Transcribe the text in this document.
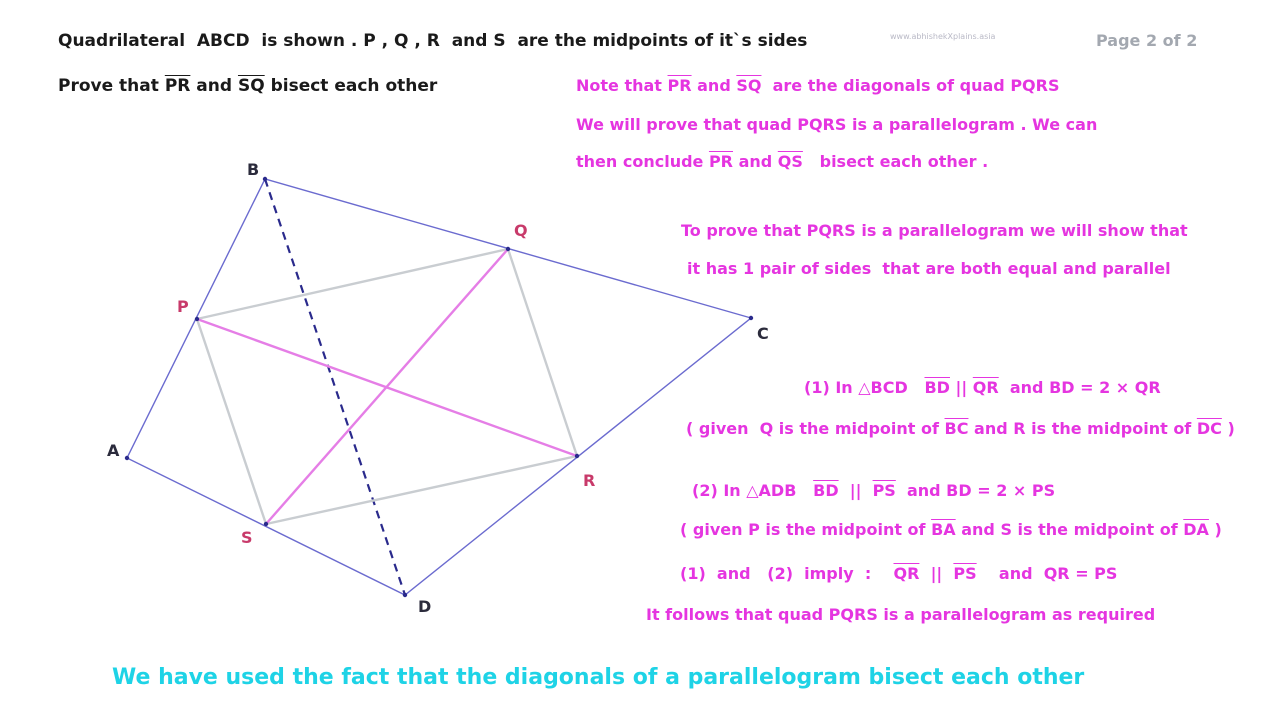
Quadrilateral  ABCD  is shown . P , Q , R  and S  are the midpoints of it`s sides	www.abhishekXplains.asia	Page 2 of 2
Prove that $\overline{PR}$ and $\overline{SQ}$ bisect each other	Note that $\overline{PR}$ and $\overline{SQ}$  are the diagonals of quad PQRS
We will prove that quad PQRS is a parallelogram . We can
then conclude $\overline{PR}$ and $\overline{QS}$   bisect each other .
To prove that PQRS is a parallelogram we will show that
it has 1 pair of sides  that are both equal and parallel
(1) In △BCD   $\overline{BD}$ || $\overline{QR}$  and BD = 2 × QR
( given  Q is the midpoint of $\overline{BC}$ and R is the midpoint of $\overline{DC}$ )
(2) In △ADB   $\overline{BD}$  ||  $\overline{PS}$  and BD = 2 × PS
( given P is the midpoint of $\overline{BA}$ and S is the midpoint of $\overline{DA}$ )
(1)  and   (2)  imply  :    $\overline{QR}$  ||  $\overline{PS}$    and  QR = PS
It follows that quad PQRS is a parallelogram as required
We have used the fact that the diagonals of a parallelogram bisect each other
A
B
C
D
P
Q
R
S
